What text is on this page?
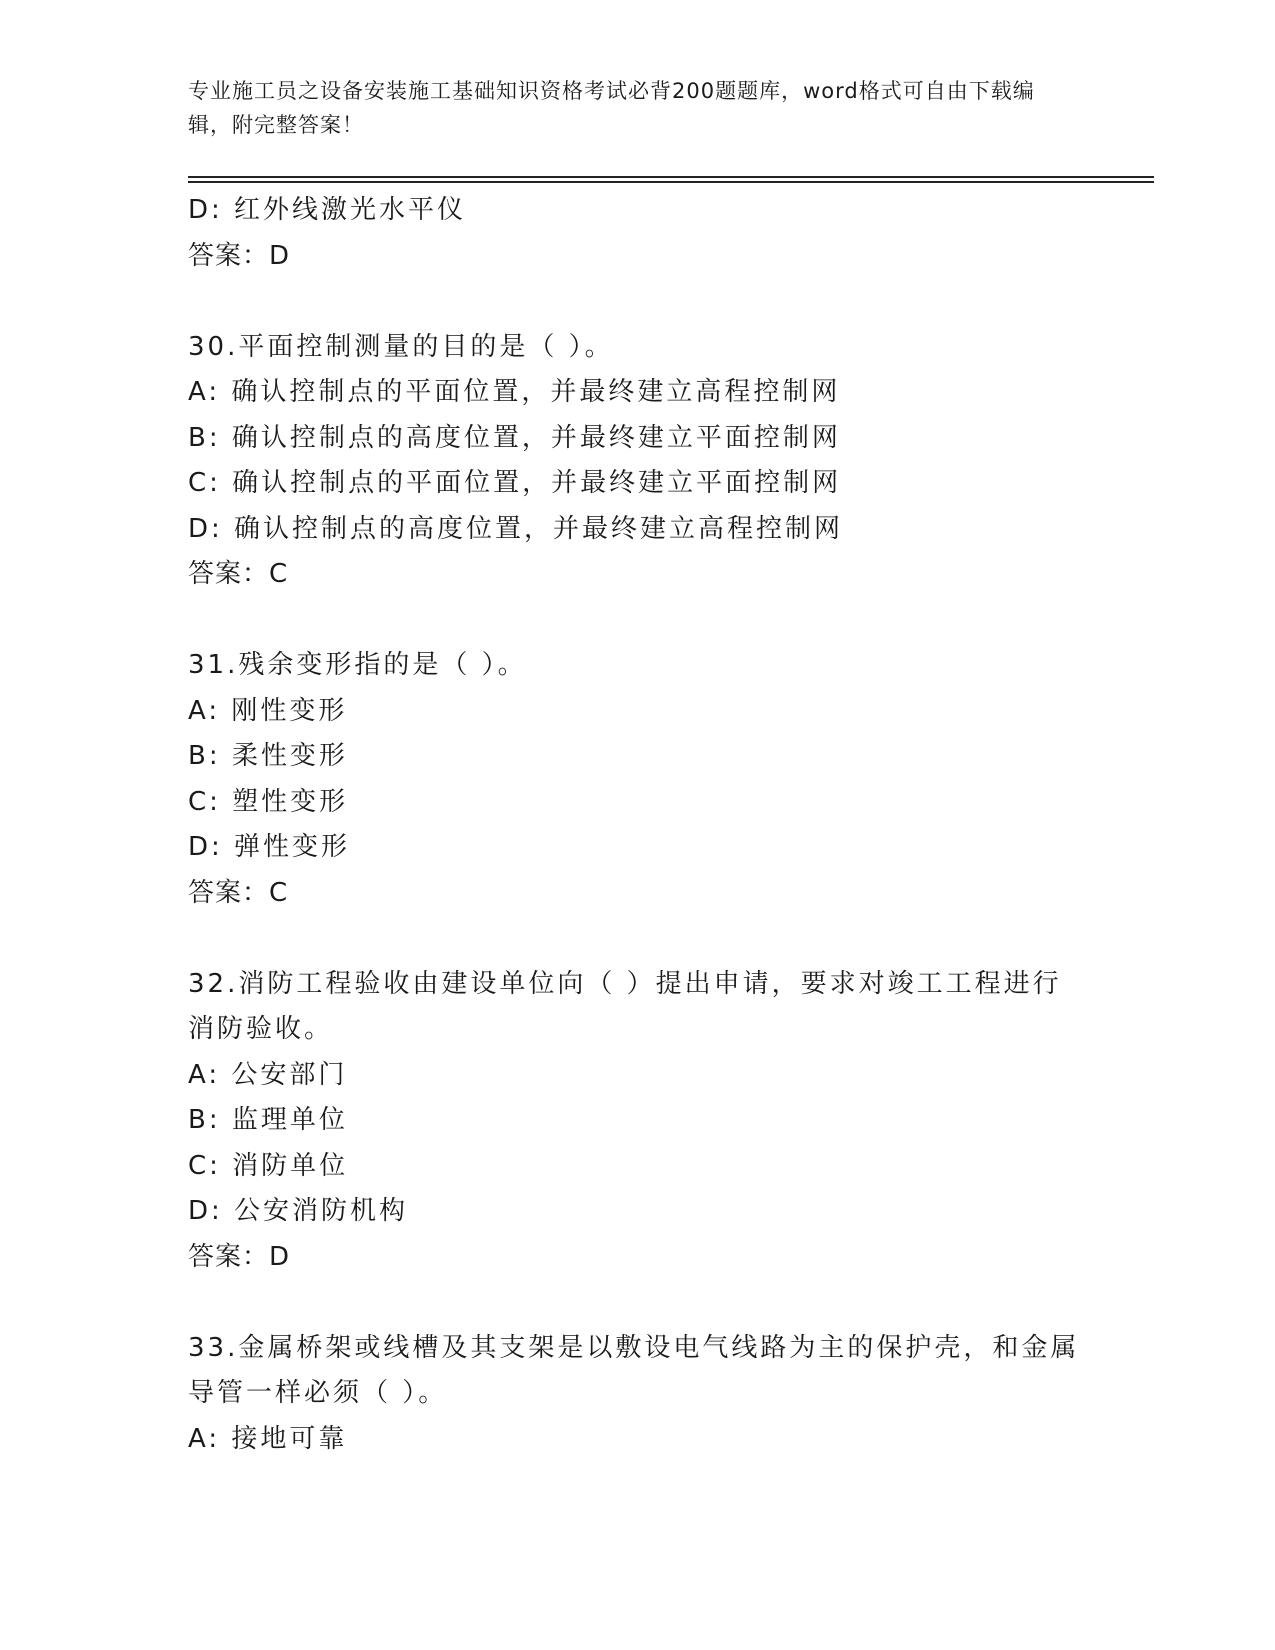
专业施工员之设备安装施工基础知识资格考试必背200题题库，word格式可自由下载编辑，附完整答案！
D: 红外线激光水平仪
答案：D
30.平面控制测量的目的是（ ）。
A: 确认控制点的平面位置，并最终建立高程控制网
B: 确认控制点的高度位置，并最终建立平面控制网
C: 确认控制点的平面位置，并最终建立平面控制网
D: 确认控制点的高度位置，并最终建立高程控制网
答案：C
31.残余变形指的是（ ）。
A: 刚性变形
B: 柔性变形
C: 塑性变形
D: 弹性变形
答案：C
32.消防工程验收由建设单位向（ ）提出申请，要求对竣工工程进行
消防验收。
A: 公安部门
B: 监理单位
C: 消防单位
D: 公安消防机构
答案：D
33.金属桥架或线槽及其支架是以敷设电气线路为主的保护壳，和金属
导管一样必须（ ）。
A: 接地可靠
